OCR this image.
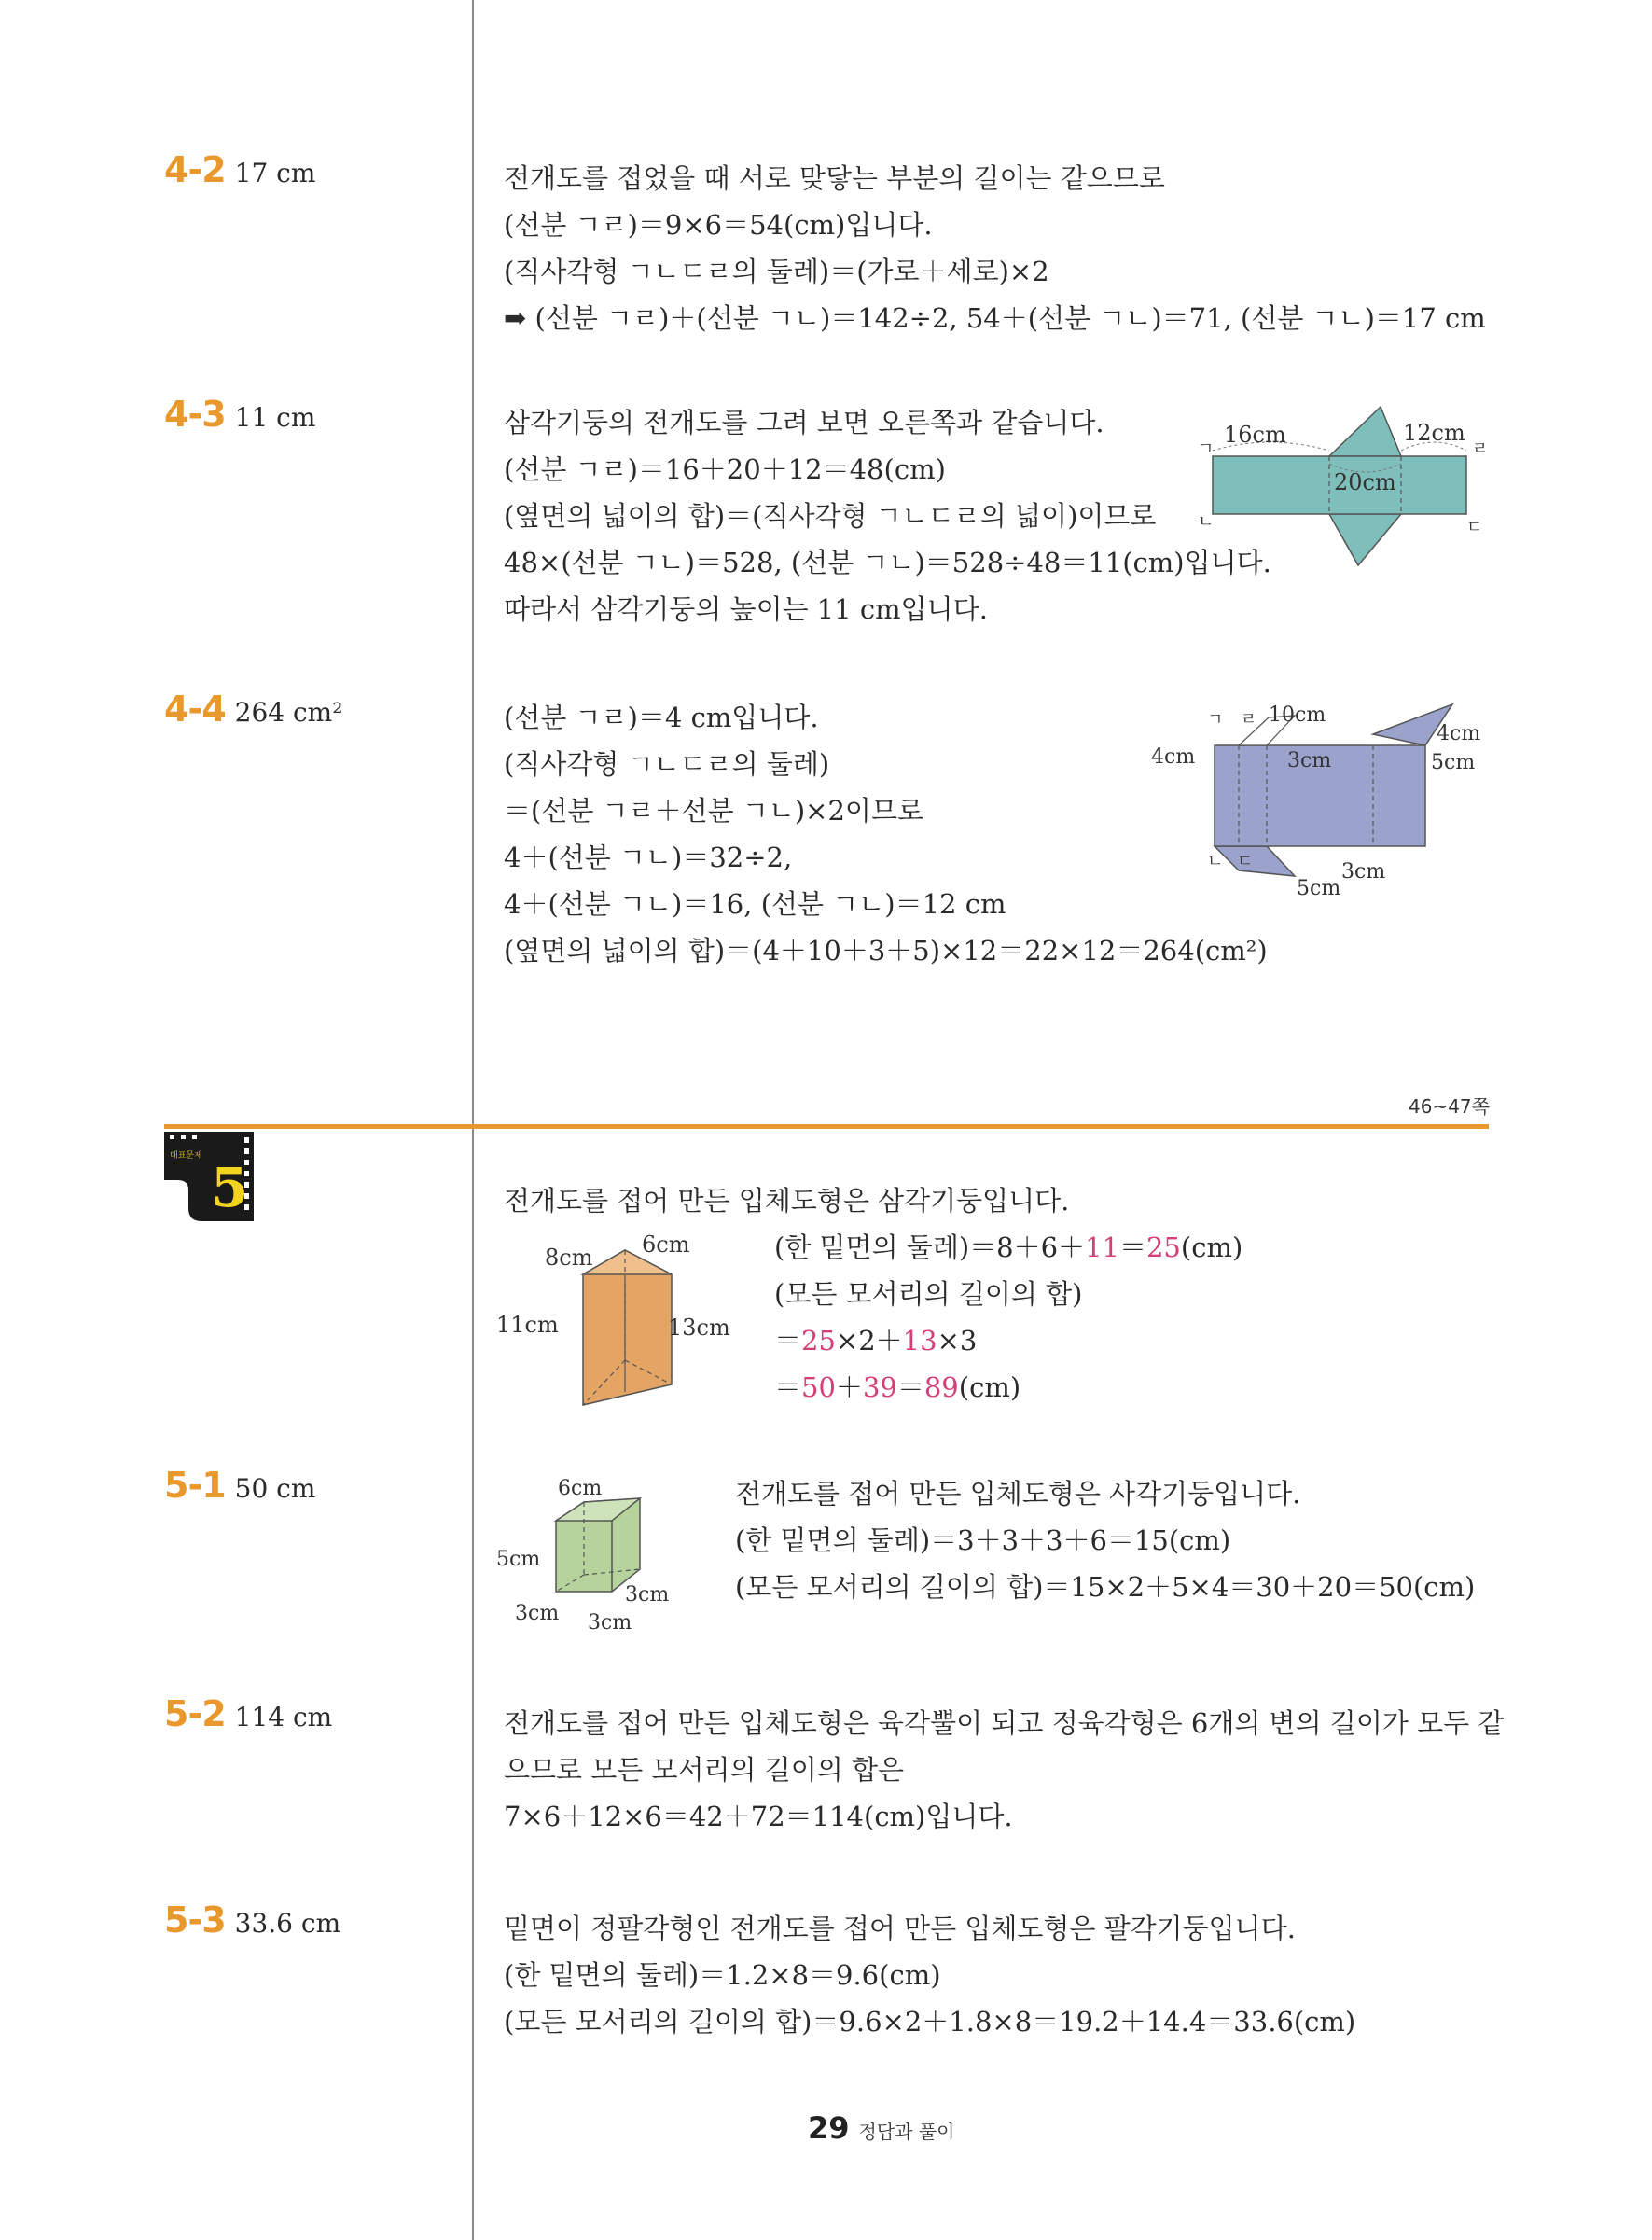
4-2 17 cm	전개도를 접었을 때 서로 맞닿는 부분의 길이는 같으므로
(선분 ㄱㄹ)＝9×6＝54(cm)입니다.
(직사각형 ㄱㄴㄷㄹ의 둘레)＝(가로＋세로)×2
➡ (선분 ㄱㄹ)＋(선분 ㄱㄴ)＝142÷2, 54＋(선분 ㄱㄴ)＝71, (선분 ㄱㄴ)＝17 cm
4-3 11 cm	삼각기둥의 전개도를 그려 보면 오른쪽과 같습니다.
(선분 ㄱㄹ)＝16＋20＋12＝48(cm)
(옆면의 넓이의 합)＝(직사각형 ㄱㄴㄷㄹ의 넓이)이므로
48×(선분 ㄱㄴ)＝528, (선분 ㄱㄴ)＝528÷48＝11(cm)입니다.
따라서 삼각기둥의 높이는 11 cm입니다.
16cm
20cm
12cm
ㄱ	ㄹ
ㄴ	ㄷ
4-4 264 cm²	(선분 ㄱㄹ)＝4 cm입니다.
(직사각형 ㄱㄴㄷㄹ의 둘레)
＝(선분 ㄱㄹ＋선분 ㄱㄴ)×2이므로
4＋(선분 ㄱㄴ)＝32÷2,
4＋(선분 ㄱㄴ)＝16, (선분 ㄱㄴ)＝12 cm
(옆면의 넓이의 합)＝(4＋10＋3＋5)×12＝22×12＝264(cm²)
10cm
4cm	3cm
4cm
5cm
3cm
5cm
ㄱ ㄹ
ㄴ ㄷ
46~47쪽
대표문제 5	전개도를 접어 만든 입체도형은 삼각기둥입니다.
8cm 6cm
11cm	13cm
(한 밑면의 둘레)＝8＋6＋11＝25(cm)
(모든 모서리의 길이의 합)
＝25×2＋13×3
＝50＋39＝89(cm)
5-1 50 cm	6cm
5cm
3cm
3cm 3cm
전개도를 접어 만든 입체도형은 사각기둥입니다.
(한 밑면의 둘레)＝3＋3＋3＋6＝15(cm)
(모든 모서리의 길이의 합)＝15×2＋5×4＝30＋20＝50(cm)
5-2 114 cm	전개도를 접어 만든 입체도형은 육각뿔이 되고 정육각형은 6개의 변의 길이가 모두 같
으므로 모든 모서리의 길이의 합은
7×6＋12×6＝42＋72＝114(cm)입니다.
5-3 33.6 cm	밑면이 정팔각형인 전개도를 접어 만든 입체도형은 팔각기둥입니다.
(한 밑면의 둘레)＝1.2×8＝9.6(cm)
(모든 모서리의 길이의 합)＝9.6×2＋1.8×8＝19.2＋14.4＝33.6(cm)
29 정답과 풀이
